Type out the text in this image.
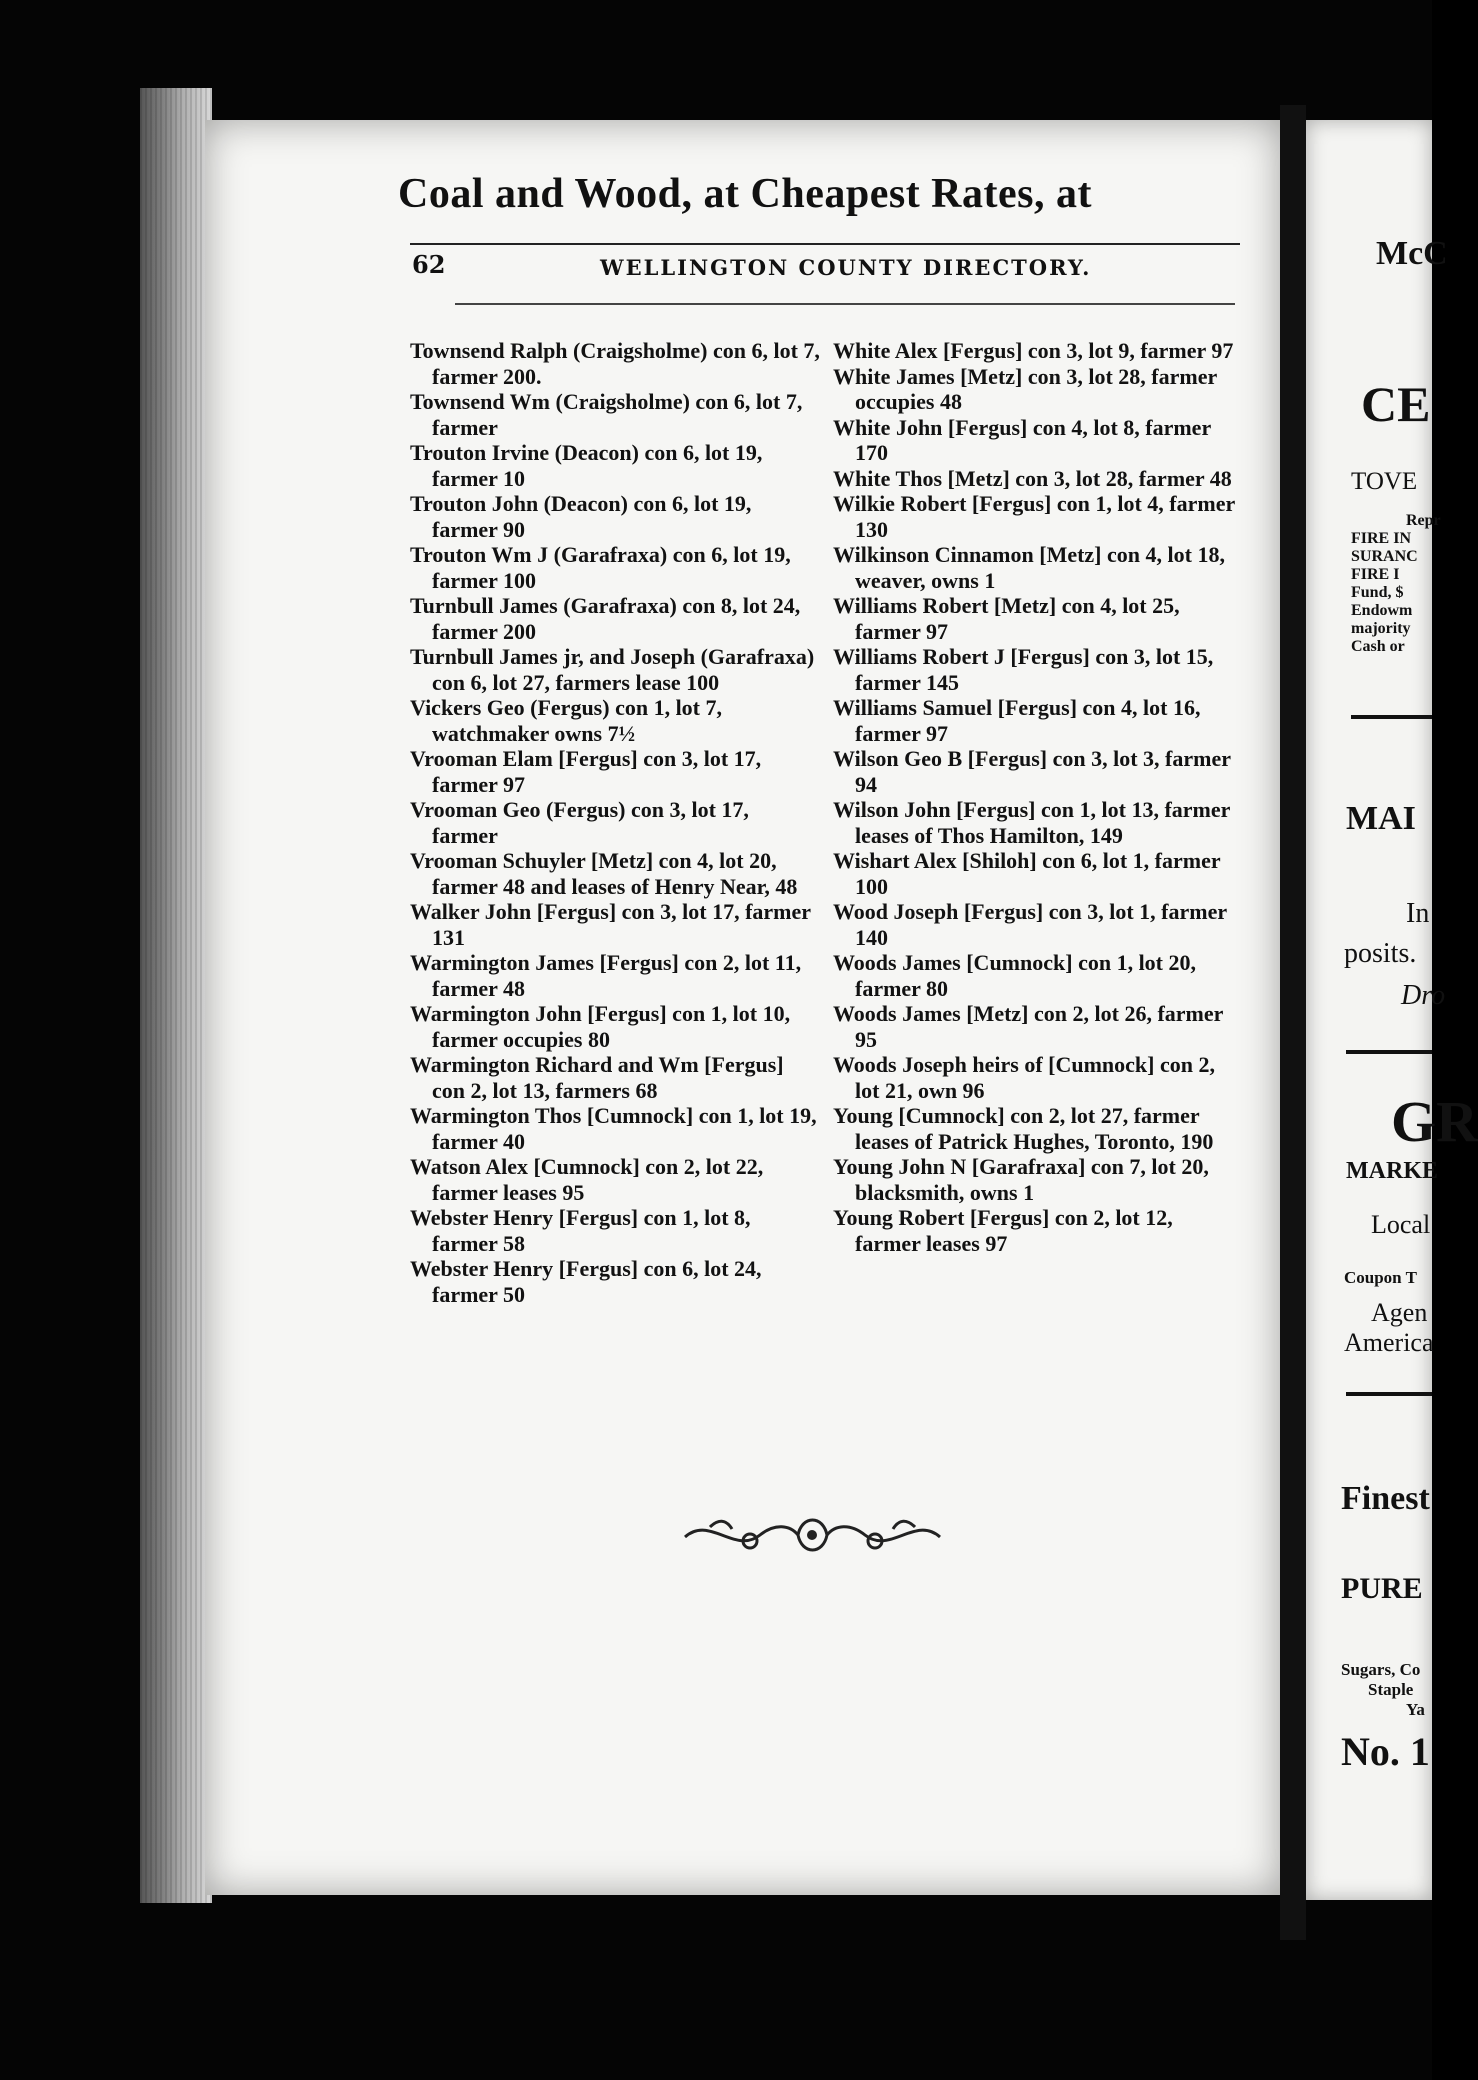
Coal and Wood, at Cheapest Rates, at
62	WELLINGTON COUNTY DIRECTORY.

Townsend Ralph (Craigsholme) con 6, lot 7, farmer 200.

Townsend Wm (Craigsholme) con 6, lot 7, farmer

Trouton Irvine (Deacon) con 6, lot 19, farmer 10

Trouton John (Deacon) con 6, lot 19, farmer 90

Trouton Wm J (Garafraxa) con 6, lot 19, farmer 100

Turnbull James (Garafraxa) con 8, lot 24, farmer 200

Turnbull James jr, and Joseph (Garafraxa) con 6, lot 27, farmers lease 100

Vickers Geo (Fergus) con 1, lot 7, watchmaker owns 7½

Vrooman Elam [Fergus] con 3, lot 17, farmer 97

Vrooman Geo (Fergus) con 3, lot 17, farmer

Vrooman Schuyler [Metz] con 4, lot 20, farmer 48 and leases of Henry Near, 48

Walker John [Fergus] con 3, lot 17, farmer 131

Warmington James [Fergus] con 2, lot 11, farmer 48

Warmington John [Fergus] con 1, lot 10, farmer occupies 80

Warmington Richard and Wm [Fergus] con 2, lot 13, farmers 68

Warmington Thos [Cumnock] con 1, lot 19, farmer 40

Watson Alex [Cumnock] con 2, lot 22, farmer leases 95

Webster Henry [Fergus] con 1, lot 8, farmer 58

Webster Henry [Fergus] con 6, lot 24, farmer 50

White Alex [Fergus] con 3, lot 9, farmer 97

White James [Metz] con 3, lot 28, farmer occupies 48

White John [Fergus] con 4, lot 8, farmer 170

White Thos [Metz] con 3, lot 28, farmer 48

Wilkie Robert [Fergus] con 1, lot 4, farmer 130

Wilkinson Cinnamon [Metz] con 4, lot 18, weaver, owns 1

Williams Robert [Metz] con 4, lot 25, farmer 97

Williams Robert J [Fergus] con 3, lot 15, farmer 145

Williams Samuel [Fergus] con 4, lot 16, farmer 97

Wilson Geo B [Fergus] con 3, lot 3, farmer 94

Wilson John [Fergus] con 1, lot 13, farmer leases of Thos Hamilton, 149

Wishart Alex [Shiloh] con 6, lot 1, farmer 100

Wood Joseph [Fergus] con 3, lot 1, farmer 140

Woods James [Cumnock] con 1, lot 20, farmer 80

Woods James [Metz] con 2, lot 26, farmer 95

Woods Joseph heirs of [Cumnock] con 2, lot 21, own 96

Young [Cumnock] con 2, lot 27, farmer leases of Patrick Hughes, Toronto, 190

Young John N [Garafraxa] con 7, lot 20, blacksmith, owns 1

Young Robert [Fergus] con 2, lot 12, farmer leases 97

McC
CE
TOVE
Repr
FIRE IN
SURANC
FIRE I
Fund, $
Endowm
majority
Cash or
MAI
In
posits.
Dro
GR
MARKE
Local
Coupon T
Agen
America
Finest
PURE
Sugars, Co
Staple
Ya
No. 1
